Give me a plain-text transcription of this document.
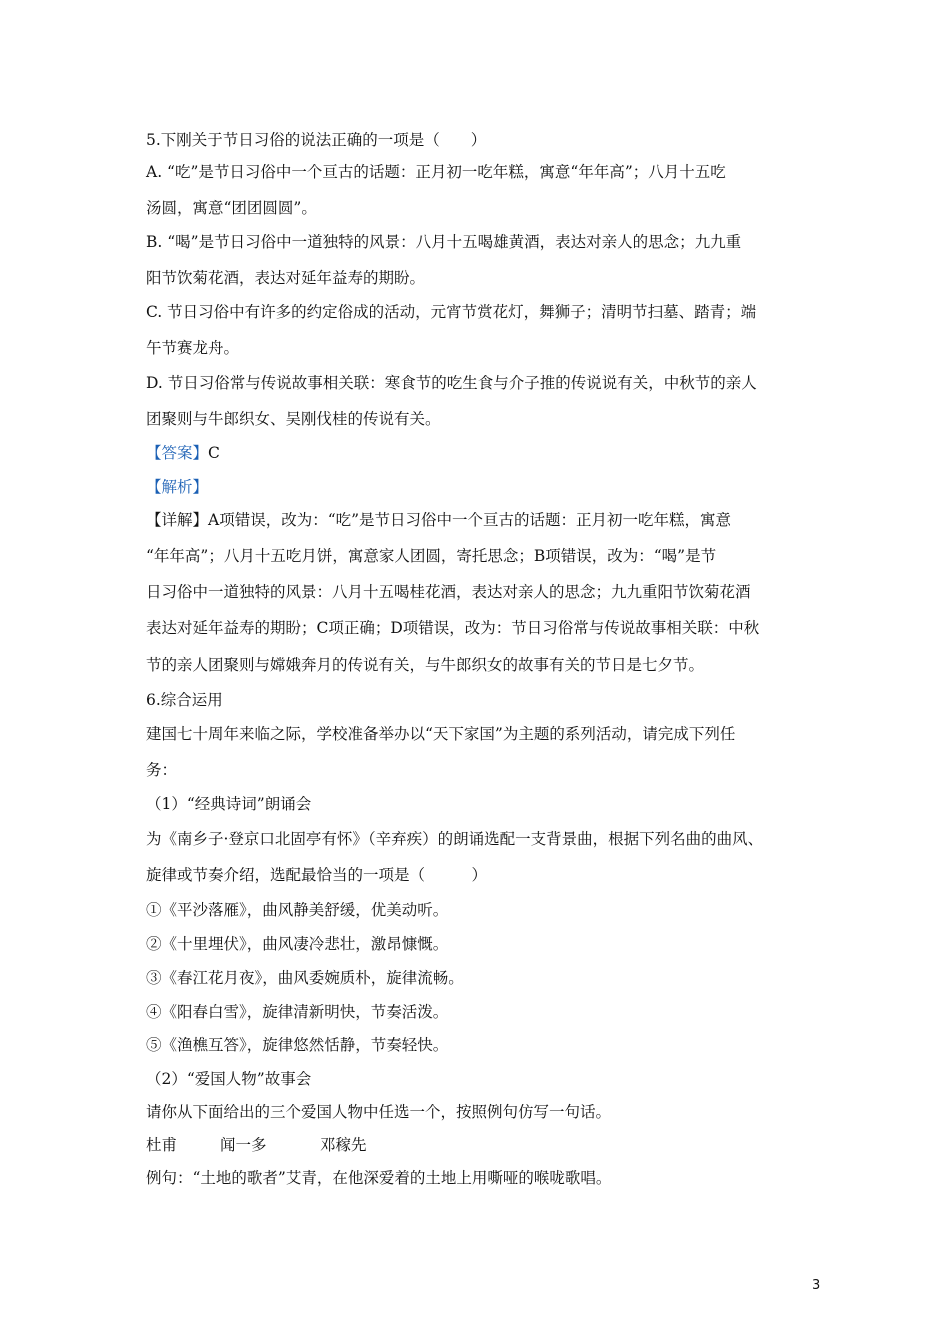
5.下刚关于节日习俗的说法正确的一项是（　　）
A. “吃”是节日习俗中一个亘古的话题：正月初一吃年糕，寓意“年年高”；八月十五吃
汤圆，寓意“团团圆圆”。
B. “喝”是节日习俗中一道独特的风景：八月十五喝雄黄酒，表达对亲人的思念；九九重
阳节饮菊花酒，表达对延年益寿的期盼。
C. 节日习俗中有许多的约定俗成的活动，元宵节赏花灯，舞狮子；清明节扫墓、踏青；端
午节赛龙舟。
D. 节日习俗常与传说故事相关联：寒食节的吃生食与介子推的传说说有关，中秋节的亲人
团聚则与牛郎织女、吴刚伐桂的传说有关。
【答案】C
【解析】
【详解】A项错误，改为：“吃”是节日习俗中一个亘古的话题：正月初一吃年糕，寓意
“年年高”；八月十五吃月饼，寓意家人团圆，寄托思念；B项错误，改为：“喝”是节
日习俗中一道独特的风景：八月十五喝桂花酒，表达对亲人的思念；九九重阳节饮菊花酒
表达对延年益寿的期盼；C项正确；D项错误，改为：节日习俗常与传说故事相关联：中秋
节的亲人团聚则与嫦娥奔月的传说有关，与牛郎织女的故事有关的节日是七夕节。
6.综合运用
建国七十周年来临之际，学校准备举办以“天下家国”为主题的系列活动，请完成下列任
务：
（1）“经典诗词”朗诵会
为《南乡子·登京口北固亭有怀》（辛弃疾）的朗诵选配一支背景曲，根据下列名曲的曲风、
旋律或节奏介绍，选配最恰当的一项是（　　　）
①《平沙落雁》，曲风静美舒缓，优美动听。
②《十里埋伏》，曲风凄冷悲壮，激昂慷慨。
③《春江花月夜》，曲风委婉质朴，旋律流畅。
④《阳春白雪》，旋律清新明快，节奏活泼。
⑤《渔樵互答》，旋律悠然恬静，节奏轻快。
（2）“爱国人物”故事会
请你从下面给出的三个爱国人物中任选一个，按照例句仿写一句话。
杜甫	闻一多	邓稼先
例句：“土地的歌者”艾青，在他深爱着的土地上用嘶哑的喉咙歌唱。
3
